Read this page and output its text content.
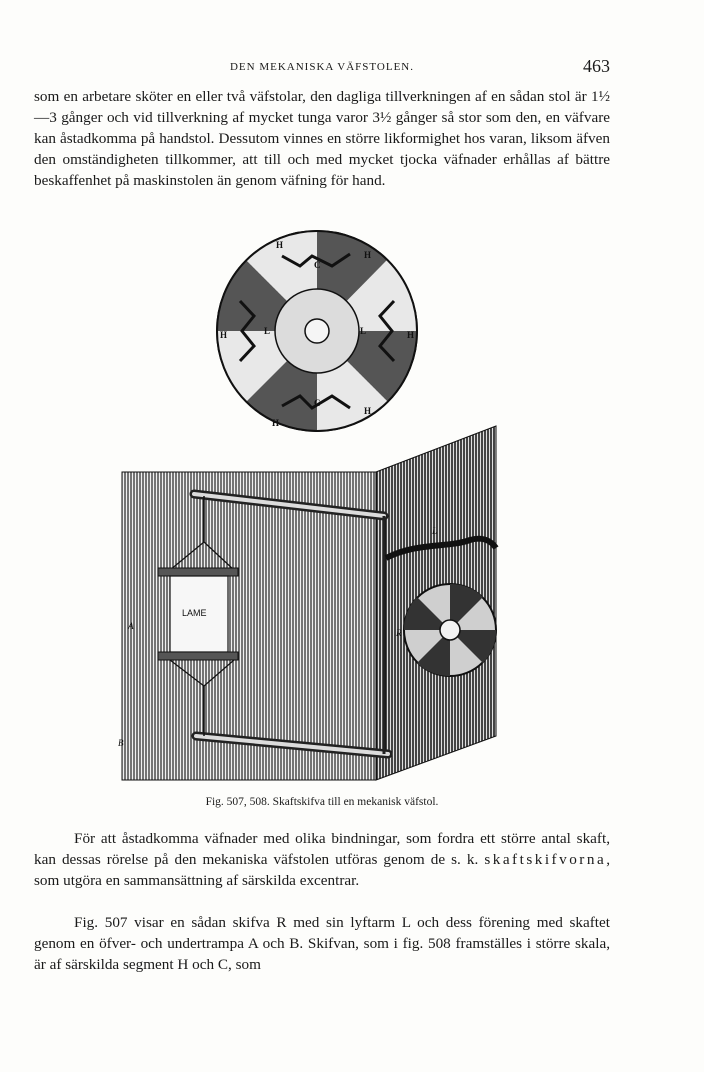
DEN MEKANISKA VÄFSTOLEN.	463

som en arbetare sköter en eller två väfstolar, den dagliga tillverkningen af en sådan stol är 1½—3 gånger och vid tillverkning af mycket tunga varor 3½ gånger så stor som den, en väfvare kan åstadkomma på handstol. Dessutom vinnes en större likformighet hos varan, liksom äfven den omständigheten tillkommer, att till och med mycket tjocka väfnader erhållas af bättre beskaffenhet på maskinstolen än genom väfning för hand.

H
H
H	H
H
H
L	L
C
C
LAME
L
R
A
B

Fig. 507, 508. Skaftskifva till en mekanisk väfstol.

För att åstadkomma väfnader med olika bindningar, som fordra ett större antal skaft, kan dessas rörelse på den mekaniska väfstolen utföras genom de s. k. skaftskifvorna, som utgöra en sammansättning af särskilda excentrar.

Fig. 507 visar en sådan skifva R med sin lyftarm L och dess förening med skaftet genom en öfver- och undertrampa A och B. Skifvan, som i fig. 508 framställes i större skala, är af särskilda segment H och C, som
